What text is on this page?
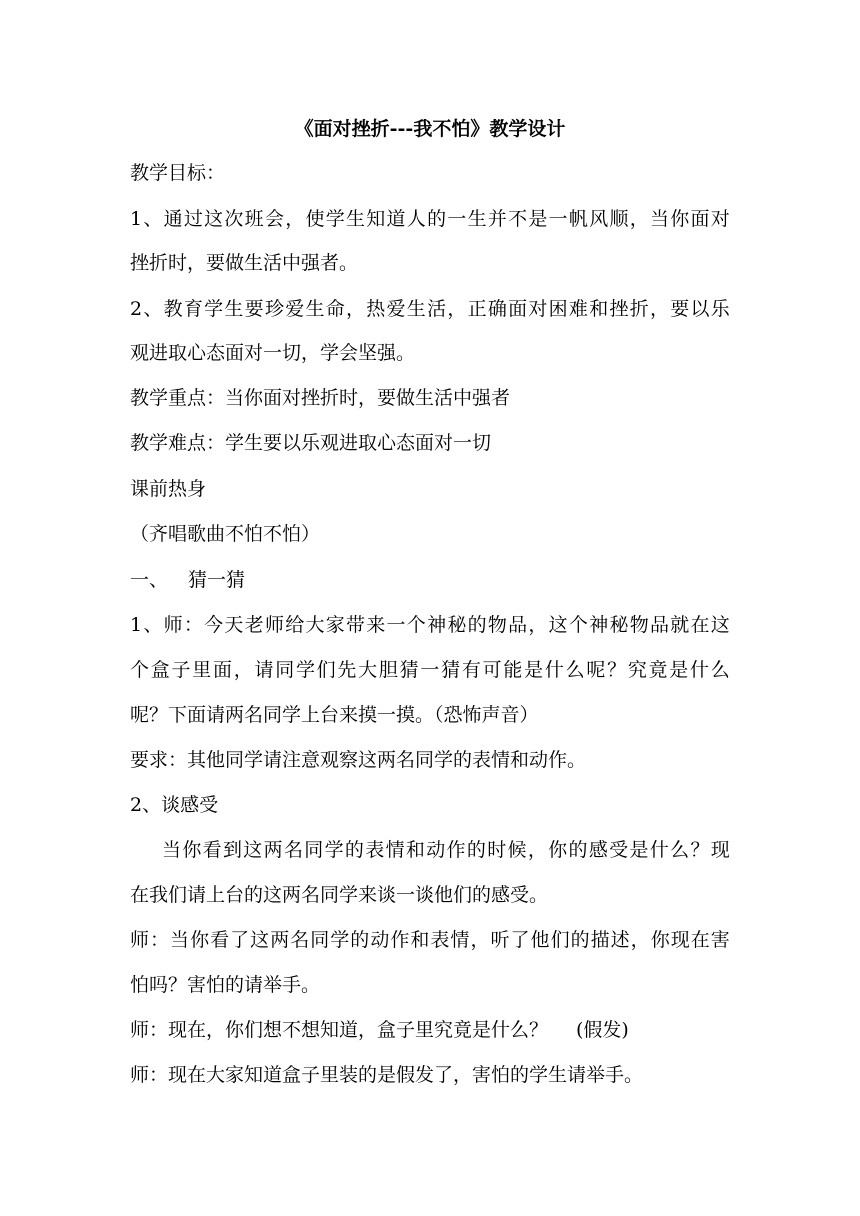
《面对挫折---我不怕》教学设计
教学目标：
1、通过这次班会，使学生知道人的一生并不是一帆风顺，当你面对
挫折时，要做生活中强者。
2、教育学生要珍爱生命，热爱生活，正确面对困难和挫折，要以乐
观进取心态面对一切，学会坚强。
教学重点：当你面对挫折时，要做生活中强者
教学难点：学生要以乐观进取心态面对一切
课前热身
（齐唱歌曲不怕不怕）
一、 猜一猜
1、师：今天老师给大家带来一个神秘的物品，这个神秘物品就在这
个盒子里面，请同学们先大胆猜一猜有可能是什么呢？究竟是什么
呢？下面请两名同学上台来摸一摸。（恐怖声音）
要求：其他同学请注意观察这两名同学的表情和动作。
2、谈感受
当你看到这两名同学的表情和动作的时候，你的感受是什么？现
在我们请上台的这两名同学来谈一谈他们的感受。
师：当你看了这两名同学的动作和表情，听了他们的描述，你现在害
怕吗？害怕的请举手。
师：现在，你们想不想知道，盒子里究竟是什么？ (假发)
师：现在大家知道盒子里装的是假发了，害怕的学生请举手。
